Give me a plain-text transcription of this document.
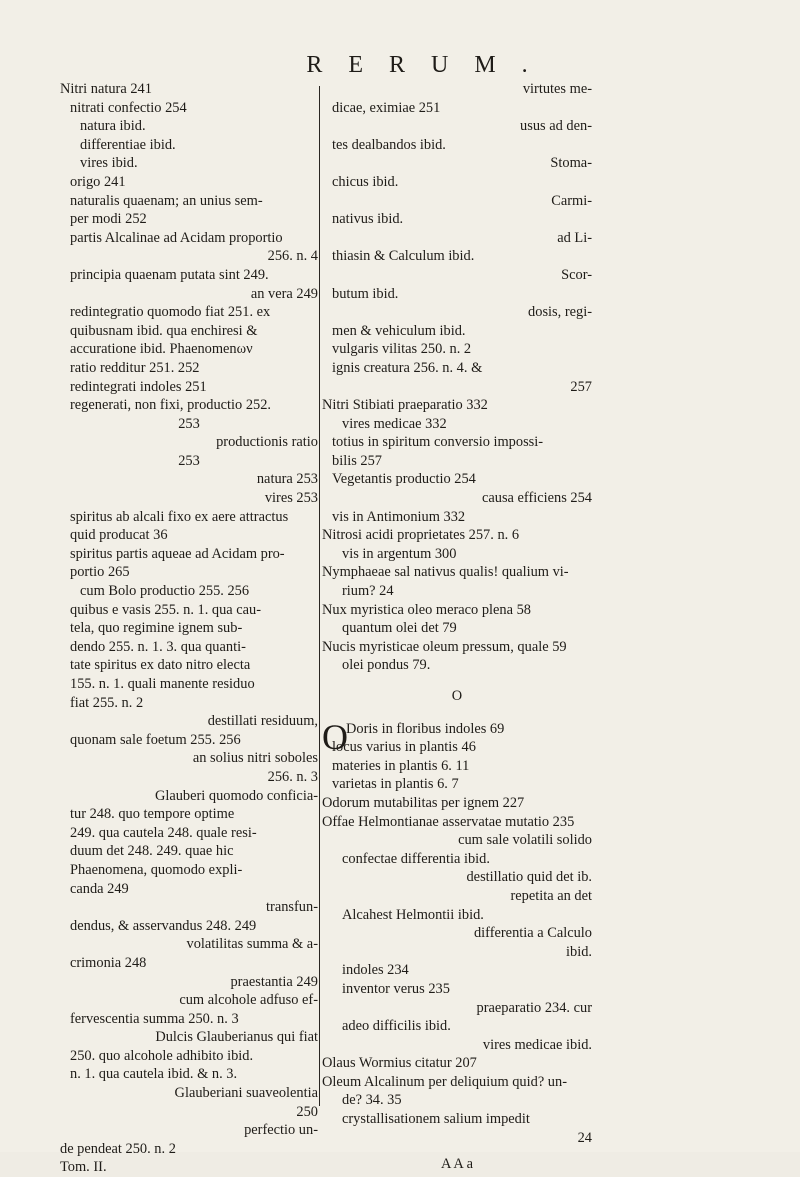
RERUM.
Nitri natura 241
nitrati confectio 254
natura ibid.
differentiae ibid.
vires ibid.
origo 241
naturalis quaenam; an unius sem-
per modi 252
partis Alcalinae ad Acidam proportio
256. n. 4
principia quaenam putata sint 249.
an vera 249
redintegratio quomodo fiat 251. ex
quibusnam ibid. qua enchiresi &
accuratione ibid. Phaenomenων
ratio redditur 251. 252
redintegrati indoles 251
regenerati, non fixi, productio 252.
253
productionis ratio
253
natura 253
vires 253
spiritus ab alcali fixo ex aere attractus
quid producat 36
spiritus partis aqueae ad Acidam pro-
portio 265
cum Bolo productio 255. 256
quibus e vasis 255. n. 1. qua cau-
tela, quo regimine ignem sub-
dendo 255. n. 1. 3. qua quanti-
tate spiritus ex dato nitro electa
155. n. 1. quali manente residuo
fiat 255. n. 2
destillati residuum,
quonam sale foetum 255. 256
an solius nitri soboles
256. n. 3
Glauberi quomodo conficia-
tur 248. quo tempore optime
249. qua cautela 248. quale resi-
duum det 248. 249. quae hic
Phaenomena, quomodo expli-
canda 249
transfun-
dendus, & asservandus 248. 249
volatilitas summa & a-
crimonia 248
praestantia 249
cum alcohole adfuso ef-
fervescentia summa 250. n. 3
Dulcis Glauberianus qui fiat
250. quo alcohole adhibito ibid.
n. 1. qua cautela ibid. & n. 3.
Glauberiani suaveolentia
250
perfectio un-
de pendeat 250. n. 2
Tom. II.
virtutes me-
dicae, eximiae 251
usus ad den-
tes dealbandos ibid.
Stoma-
chicus ibid.
Carmi-
nativus ibid.
ad Li-
thiasin & Calculum ibid.
Scor-
butum ibid.
dosis, regi-
men & vehiculum ibid.
vulgaris vilitas 250. n. 2
ignis creatura 256. n. 4. &
257
Nitri Stibiati praeparatio 332
vires medicae 332
totius in spiritum conversio impossi-
bilis 257
Vegetantis productio 254
causa efficiens 254
vis in Antimonium 332
Nitrosi acidi proprietates 257. n. 6
vis in argentum 300
Nymphaeae sal nativus qualis! qualium vi-
rium? 24
Nux myristica oleo meraco plena 58
quantum olei det 79
Nucis myristicae oleum pressum, quale 59
olei pondus 79.
O
O
Doris in floribus indoles 69
locus varius in plantis 46
materies in plantis 6. 11
varietas in plantis 6. 7
Odorum mutabilitas per ignem 227
Offae Helmontianae asservatae mutatio 235
cum sale volatili solido
confectae differentia ibid.
destillatio quid det ib.
repetita an det
Alcahest Helmontii ibid.
differentia a Calculo
ibid.
indoles 234
inventor verus 235
praeparatio 234. cur
adeo difficilis ibid.
vires medicae ibid.
Olaus Wormius citatur 207
Oleum Alcalinum per deliquium quid? un-
de? 34. 35
crystallisationem salium impedit
24
A A a
